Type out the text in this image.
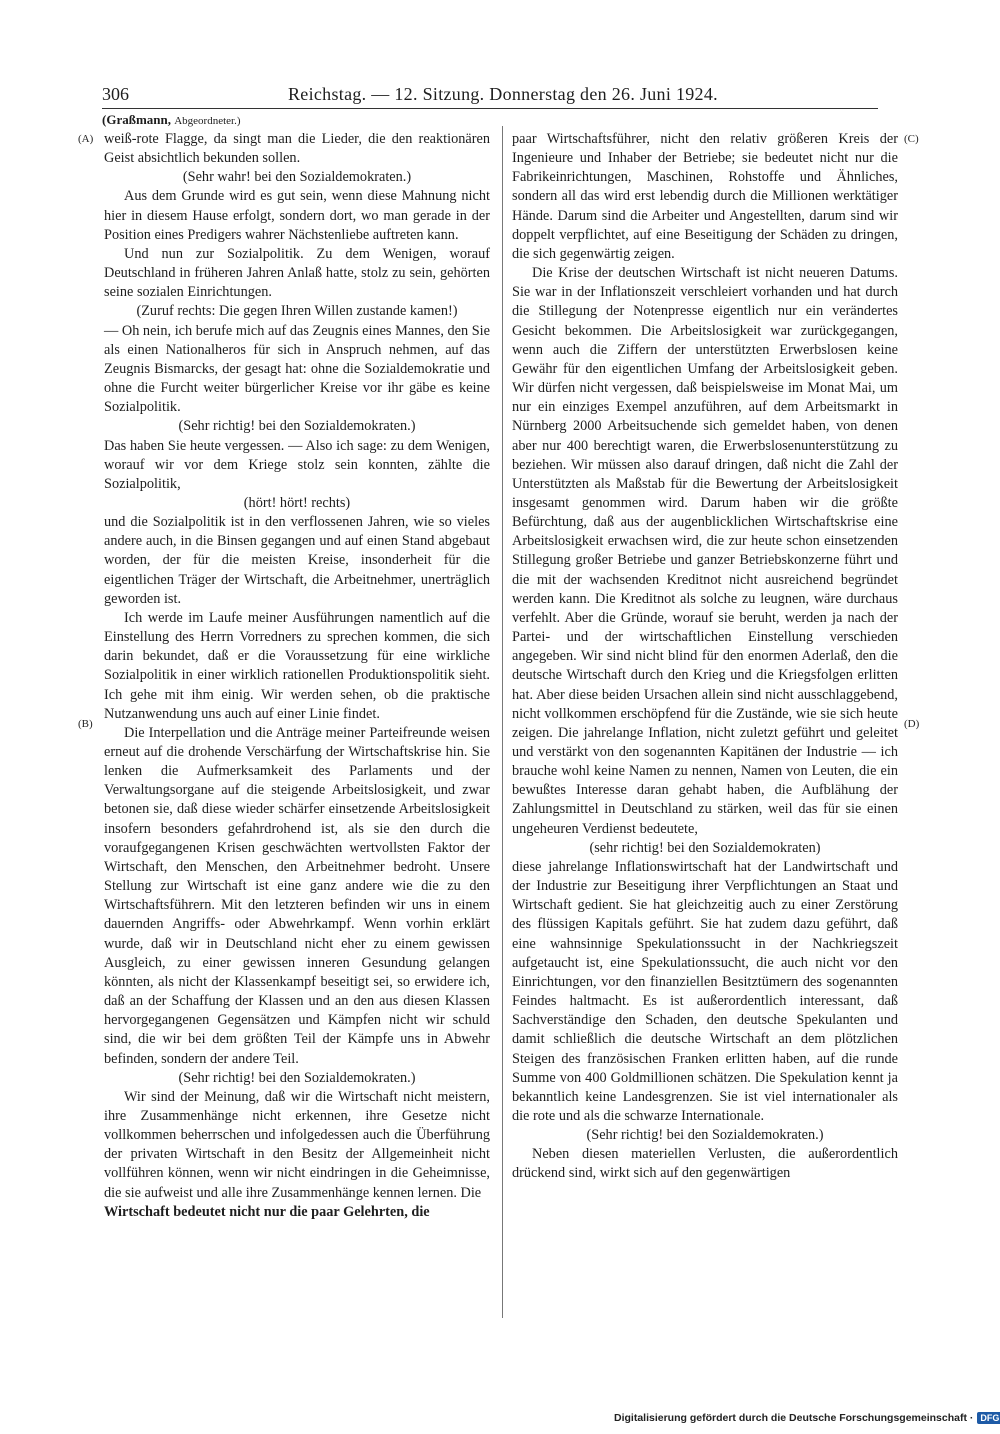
306	Reichstag. — 12. Sitzung. Donnerstag den 26. Juni 1924.
(Graßmann, Abgeordneter.)
(A)
(B)
(C)
(D)

weiß-rote Flagge, da singt man die Lieder, die den reaktionären Geist absichtlich bekunden sollen.

(Sehr wahr! bei den Sozialdemokraten.)

Aus dem Grunde wird es gut sein, wenn diese Mahnung nicht hier in diesem Hause erfolgt, sondern dort, wo man gerade in der Position eines Predigers wahrer Nächstenliebe auftreten kann.

Und nun zur Sozialpolitik. Zu dem Wenigen, worauf Deutschland in früheren Jahren Anlaß hatte, stolz zu sein, gehörten seine sozialen Einrichtungen.

(Zuruf rechts: Die gegen Ihren Willen zustande kamen!)

— Oh nein, ich berufe mich auf das Zeugnis eines Mannes, den Sie als einen Nationalheros für sich in Anspruch nehmen, auf das Zeugnis Bismarcks, der gesagt hat: ohne die Sozialdemokratie und ohne die Furcht weiter bürgerlicher Kreise vor ihr gäbe es keine Sozialpolitik.

(Sehr richtig! bei den Sozialdemokraten.)

Das haben Sie heute vergessen. — Also ich sage: zu dem Wenigen, worauf wir vor dem Kriege stolz sein konnten, zählte die Sozialpolitik,

(hört! hört! rechts)

und die Sozialpolitik ist in den verflossenen Jahren, wie so vieles andere auch, in die Binsen gegangen und auf einen Stand abgebaut worden, der für die meisten Kreise, insonderheit für die eigentlichen Träger der Wirtschaft, die Arbeitnehmer, unerträglich geworden ist.

Ich werde im Laufe meiner Ausführungen namentlich auf die Einstellung des Herrn Vorredners zu sprechen kommen, die sich darin bekundet, daß er die Voraussetzung für eine wirkliche Sozialpolitik in einer wirklich rationellen Produktionspolitik sieht. Ich gehe mit ihm einig. Wir werden sehen, ob die praktische Nutzanwendung uns auch auf einer Linie findet.

Die Interpellation und die Anträge meiner Parteifreunde weisen erneut auf die drohende Verschärfung der Wirtschaftskrise hin. Sie lenken die Aufmerksamkeit des Parlaments und der Verwaltungsorgane auf die steigende Arbeitslosigkeit, und zwar betonen sie, daß diese wieder schärfer einsetzende Arbeitslosigkeit insofern besonders gefahrdrohend ist, als sie den durch die voraufgegangenen Krisen geschwächten wertvollsten Faktor der Wirtschaft, den Menschen, den Arbeitnehmer bedroht. Unsere Stellung zur Wirtschaft ist eine ganz andere wie die zu den Wirtschaftsführern. Mit den letzteren befinden wir uns in einem dauernden Angriffs- oder Abwehrkampf. Wenn vorhin erklärt wurde, daß wir in Deutschland nicht eher zu einem gewissen Ausgleich, zu einer gewissen inneren Gesundung gelangen könnten, als nicht der Klassenkampf beseitigt sei, so erwidere ich, daß an der Schaffung der Klassen und an den aus diesen Klassen hervorgegangenen Gegensätzen und Kämpfen nicht wir schuld sind, die wir bei dem größten Teil der Kämpfe uns in Abwehr befinden, sondern der andere Teil.

(Sehr richtig! bei den Sozialdemokraten.)

Wir sind der Meinung, daß wir die Wirtschaft nicht meistern, ihre Zusammenhänge nicht erkennen, ihre Gesetze nicht vollkommen beherrschen und infolgedessen auch die Überführung der privaten Wirtschaft in den Besitz der Allgemeinheit nicht vollführen können, wenn wir nicht eindringen in die Geheimnisse, die sie aufweist und alle ihre Zusammenhänge kennen lernen. Die

Wirtschaft bedeutet nicht nur die paar Gelehrten, die

paar Wirtschaftsführer, nicht den relativ größeren Kreis der Ingenieure und Inhaber der Betriebe; sie bedeutet nicht nur die Fabrikeinrichtungen, Maschinen, Rohstoffe und Ähnliches, sondern all das wird erst lebendig durch die Millionen werktätiger Hände. Darum sind die Arbeiter und Angestellten, darum sind wir doppelt verpflichtet, auf eine Beseitigung der Schäden zu dringen, die sich gegenwärtig zeigen.

Die Krise der deutschen Wirtschaft ist nicht neueren Datums. Sie war in der Inflationszeit verschleiert vorhanden und hat durch die Stillegung der Notenpresse eigentlich nur ein verändertes Gesicht bekommen. Die Arbeitslosigkeit war zurückgegangen, wenn auch die Ziffern der unterstützten Erwerbslosen keine Gewähr für den eigentlichen Umfang der Arbeitslosigkeit geben. Wir dürfen nicht vergessen, daß beispielsweise im Monat Mai, um nur ein einziges Exempel anzuführen, auf dem Arbeitsmarkt in Nürnberg 2000 Arbeitsuchende sich gemeldet haben, von denen aber nur 400 berechtigt waren, die Erwerbslosenunterstützung zu beziehen. Wir müssen also darauf dringen, daß nicht die Zahl der Unterstützten als Maßstab für die Bewertung der Arbeitslosigkeit insgesamt genommen wird. Darum haben wir die größte Befürchtung, daß aus der augenblicklichen Wirtschaftskrise eine Arbeitslosigkeit erwachsen wird, die zur heute schon einsetzenden Stillegung großer Betriebe und ganzer Betriebskonzerne führt und die mit der wachsenden Kreditnot nicht ausreichend begründet werden kann. Die Kreditnot als solche zu leugnen, wäre durchaus verfehlt. Aber die Gründe, worauf sie beruht, werden ja nach der Partei- und der wirtschaftlichen Einstellung verschieden angegeben. Wir sind nicht blind für den enormen Aderlaß, den die deutsche Wirtschaft durch den Krieg und die Kriegsfolgen erlitten hat. Aber diese beiden Ursachen allein sind nicht ausschlaggebend, nicht vollkommen erschöpfend für die Zustände, wie sie sich heute zeigen. Die jahrelange Inflation, nicht zuletzt geführt und geleitet und verstärkt von den sogenannten Kapitänen der Industrie — ich brauche wohl keine Namen zu nennen, Namen von Leuten, die ein bewußtes Interesse daran gehabt haben, die Aufblähung der Zahlungsmittel in Deutschland zu stärken, weil das für sie einen ungeheuren Verdienst bedeutete,

(sehr richtig! bei den Sozialdemokraten)

diese jahrelange Inflationswirtschaft hat der Landwirtschaft und der Industrie zur Beseitigung ihrer Verpflichtungen an Staat und Wirtschaft gedient. Sie hat gleichzeitig auch zu einer Zerstörung des flüssigen Kapitals geführt. Sie hat zudem dazu geführt, daß eine wahnsinnige Spekulationssucht in der Nachkriegszeit aufgetaucht ist, eine Spekulationssucht, die auch nicht vor den Einrichtungen, vor den finanziellen Besitztümern des sogenannten Feindes haltmacht. Es ist außerordentlich interessant, daß Sachverständige den Schaden, den deutsche Spekulanten und damit schließlich die deutsche Wirtschaft an dem plötzlichen Steigen des französischen Franken erlitten haben, auf die runde Summe von 400 Goldmillionen schätzen. Die Spekulation kennt ja bekanntlich keine Landesgrenzen. Sie ist viel internationaler als die rote und als die schwarze Internationale.

(Sehr richtig! bei den Sozialdemokraten.)

Neben diesen materiellen Verlusten, die außerordentlich drückend sind, wirkt sich auf den gegenwärtigen

Digitalisierung gefördert durch die Deutsche Forschungsgemeinschaft · DFG
